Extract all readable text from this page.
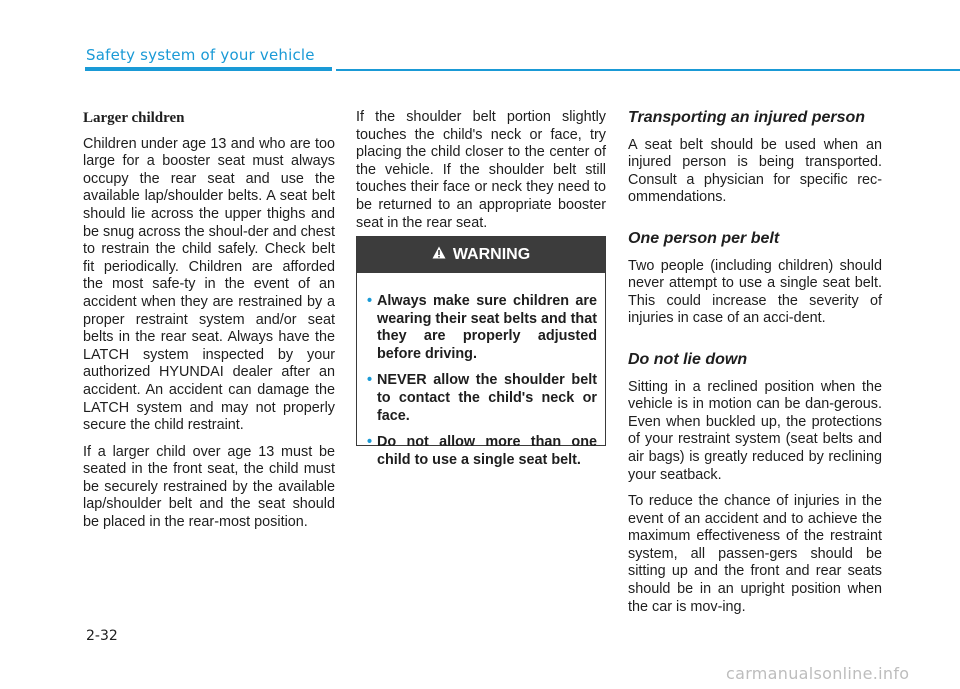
Safety system of your vehicle
Larger children

Children under age 13 and who are too large for a booster seat must always occupy the rear seat and use the available lap/shoulder belts. A seat belt should lie across the upper thighs and be snug across the shoul-der and chest to restrain the child safely. Check belt fit periodically. Children are afforded the most safe-ty in the event of an accident when they are restrained by a proper restraint system and/or seat belts in the rear seat. Always have the LATCH system inspected by your authorized HYUNDAI dealer after an accident. An accident can damage the LATCH system and may not properly secure the child restraint.

If a larger child over age 13 must be seated in the front seat, the child must be securely restrained by the available lap/shoulder belt and the seat should be placed in the rear-most position.

If the shoulder belt portion slightly touches the child's neck or face, try placing the child closer to the center of the vehicle. If the shoulder belt still touches their face or neck they need to be returned to an appropriate booster seat in the rear seat.

WARNING
• Always make sure children are wearing their seat belts and that they are properly adjusted before driving.
• NEVER allow the shoulder belt to contact the child's neck or face.
• Do not allow more than one child to use a single seat belt.
Transporting an injured person

A seat belt should be used when an injured person is being transported. Consult a physician for specific rec-ommendations.

One person per belt

Two people (including children) should never attempt to use a single seat belt. This could increase the severity of injuries in case of an acci-dent.

Do not lie down

Sitting in a reclined position when the vehicle is in motion can be dan-gerous. Even when buckled up, the protections of your restraint system (seat belts and air bags) is greatly reduced by reclining your seatback.

To reduce the chance of injuries in the event of an accident and to achieve the maximum effectiveness of the restraint system, all passen-gers should be sitting up and the front and rear seats should be in an upright position when the car is mov-ing.

2-32
carmanualsonline.info
